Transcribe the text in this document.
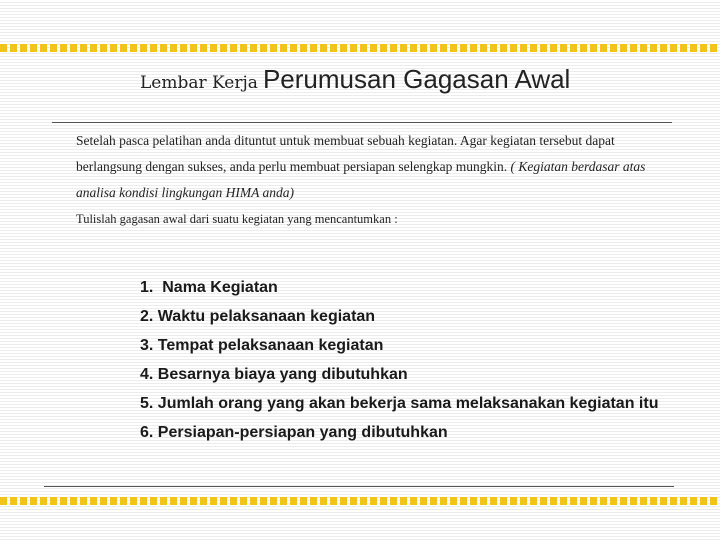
Lembar Kerja Perumusan Gagasan Awal
Setelah pasca pelatihan anda dituntut untuk membuat sebuah kegiatan. Agar kegiatan tersebut dapat berlangsung dengan sukses, anda perlu membuat persiapan selengkap mungkin. ( Kegiatan berdasar atas analisa kondisi lingkungan HIMA anda)
Tulislah gagasan awal dari suatu kegiatan yang mencantumkan :
1. Nama Kegiatan
2. Waktu pelaksanaan kegiatan
3. Tempat pelaksanaan kegiatan
4. Besarnya biaya yang dibutuhkan
5. Jumlah orang yang akan bekerja sama melaksanakan kegiatan itu
6. Persiapan-persiapan yang dibutuhkan
